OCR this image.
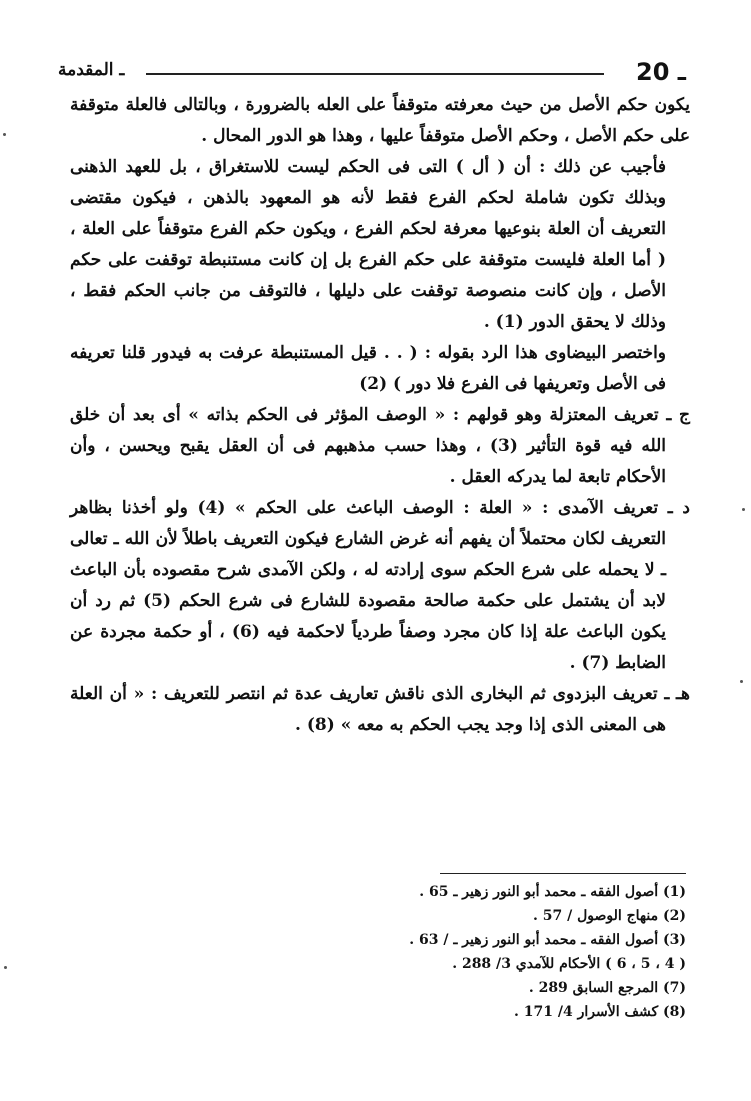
20 ـ
ـ المقدمة

يكون حكم الأصل من حيث معرفته متوقفاً على العله بالضرورة ، وبالتالى فالعلة متوقفة على حكم الأصل ، وحكم الأصل متوقفاً عليها ، وهذا هو الدور المحال .

فأجيب عن ذلك : أن ( أل ) التى فى الحكم ليست للاستغراق ، بل للعهد الذهنى وبذلك تكون شاملة لحكم الفرع فقط لأنه هو المعهود بالذهن ، فيكون مقتضى التعريف أن العلة بنوعيها معرفة لحكم الفرع ، ويكون حكم الفرع متوقفاً على العلة ، ( أما العلة فليست متوقفة على حكم الفرع بل إن كانت مستنبطة توقفت على حكم الأصل ، وإن كانت منصوصة توقفت على دليلها ، فالتوقف من جانب الحكم فقط ، وذلك لا يحقق الدور (1) .

واختصر البيضاوى هذا الرد بقوله : ( . . قيل المستنبطة عرفت به فيدور قلنا تعريفه فى الأصل وتعريفها فى الفرع فلا دور ) (2)

ج ـ تعريف المعتزلة وهو قولهم : « الوصف المؤثر فى الحكم بذاته » أى بعد أن خلق الله فيه قوة التأثير (3) ، وهذا حسب مذهبهم فى أن العقل يقبح ويحسن ، وأن الأحكام تابعة لما يدركه العقل .

د ـ تعريف الآمدى : « العلة : الوصف الباعث على الحكم » (4) ولو أخذنا بظاهر التعريف لكان محتملاً أن يفهم أنه غرض الشارع فيكون التعريف باطلاً لأن الله ـ تعالى ـ لا يحمله على شرع الحكم سوى إرادته له ، ولكن الآمدى شرح مقصوده بأن الباعث لابد أن يشتمل على حكمة صالحة مقصودة للشارع فى شرع الحكم (5) ثم رد أن يكون الباعث علة إذا كان مجرد وصفاً طردياً لاحكمة فيه (6) ، أو حكمة مجردة عن الضابط (7) .

هـ ـ تعريف البزدوى ثم البخارى الذى ناقش تعاريف عدة ثم انتصر للتعريف : « أن العلة هى المعنى الذى إذا وجد يجب الحكم به معه » (8) .

(1) أصول الفقه ـ محمد أبو النور زهير ـ 65 .
(2) منهاج الوصول / 57 .
(3) أصول الفقه ـ محمد أبو النور زهير ـ / 63 .
( 4 ، 5 ، 6 ) الأحكام للآمدي 3/ 288 .
(7) المرجع السابق 289 .
(8) كشف الأسرار 4/ 171 .
